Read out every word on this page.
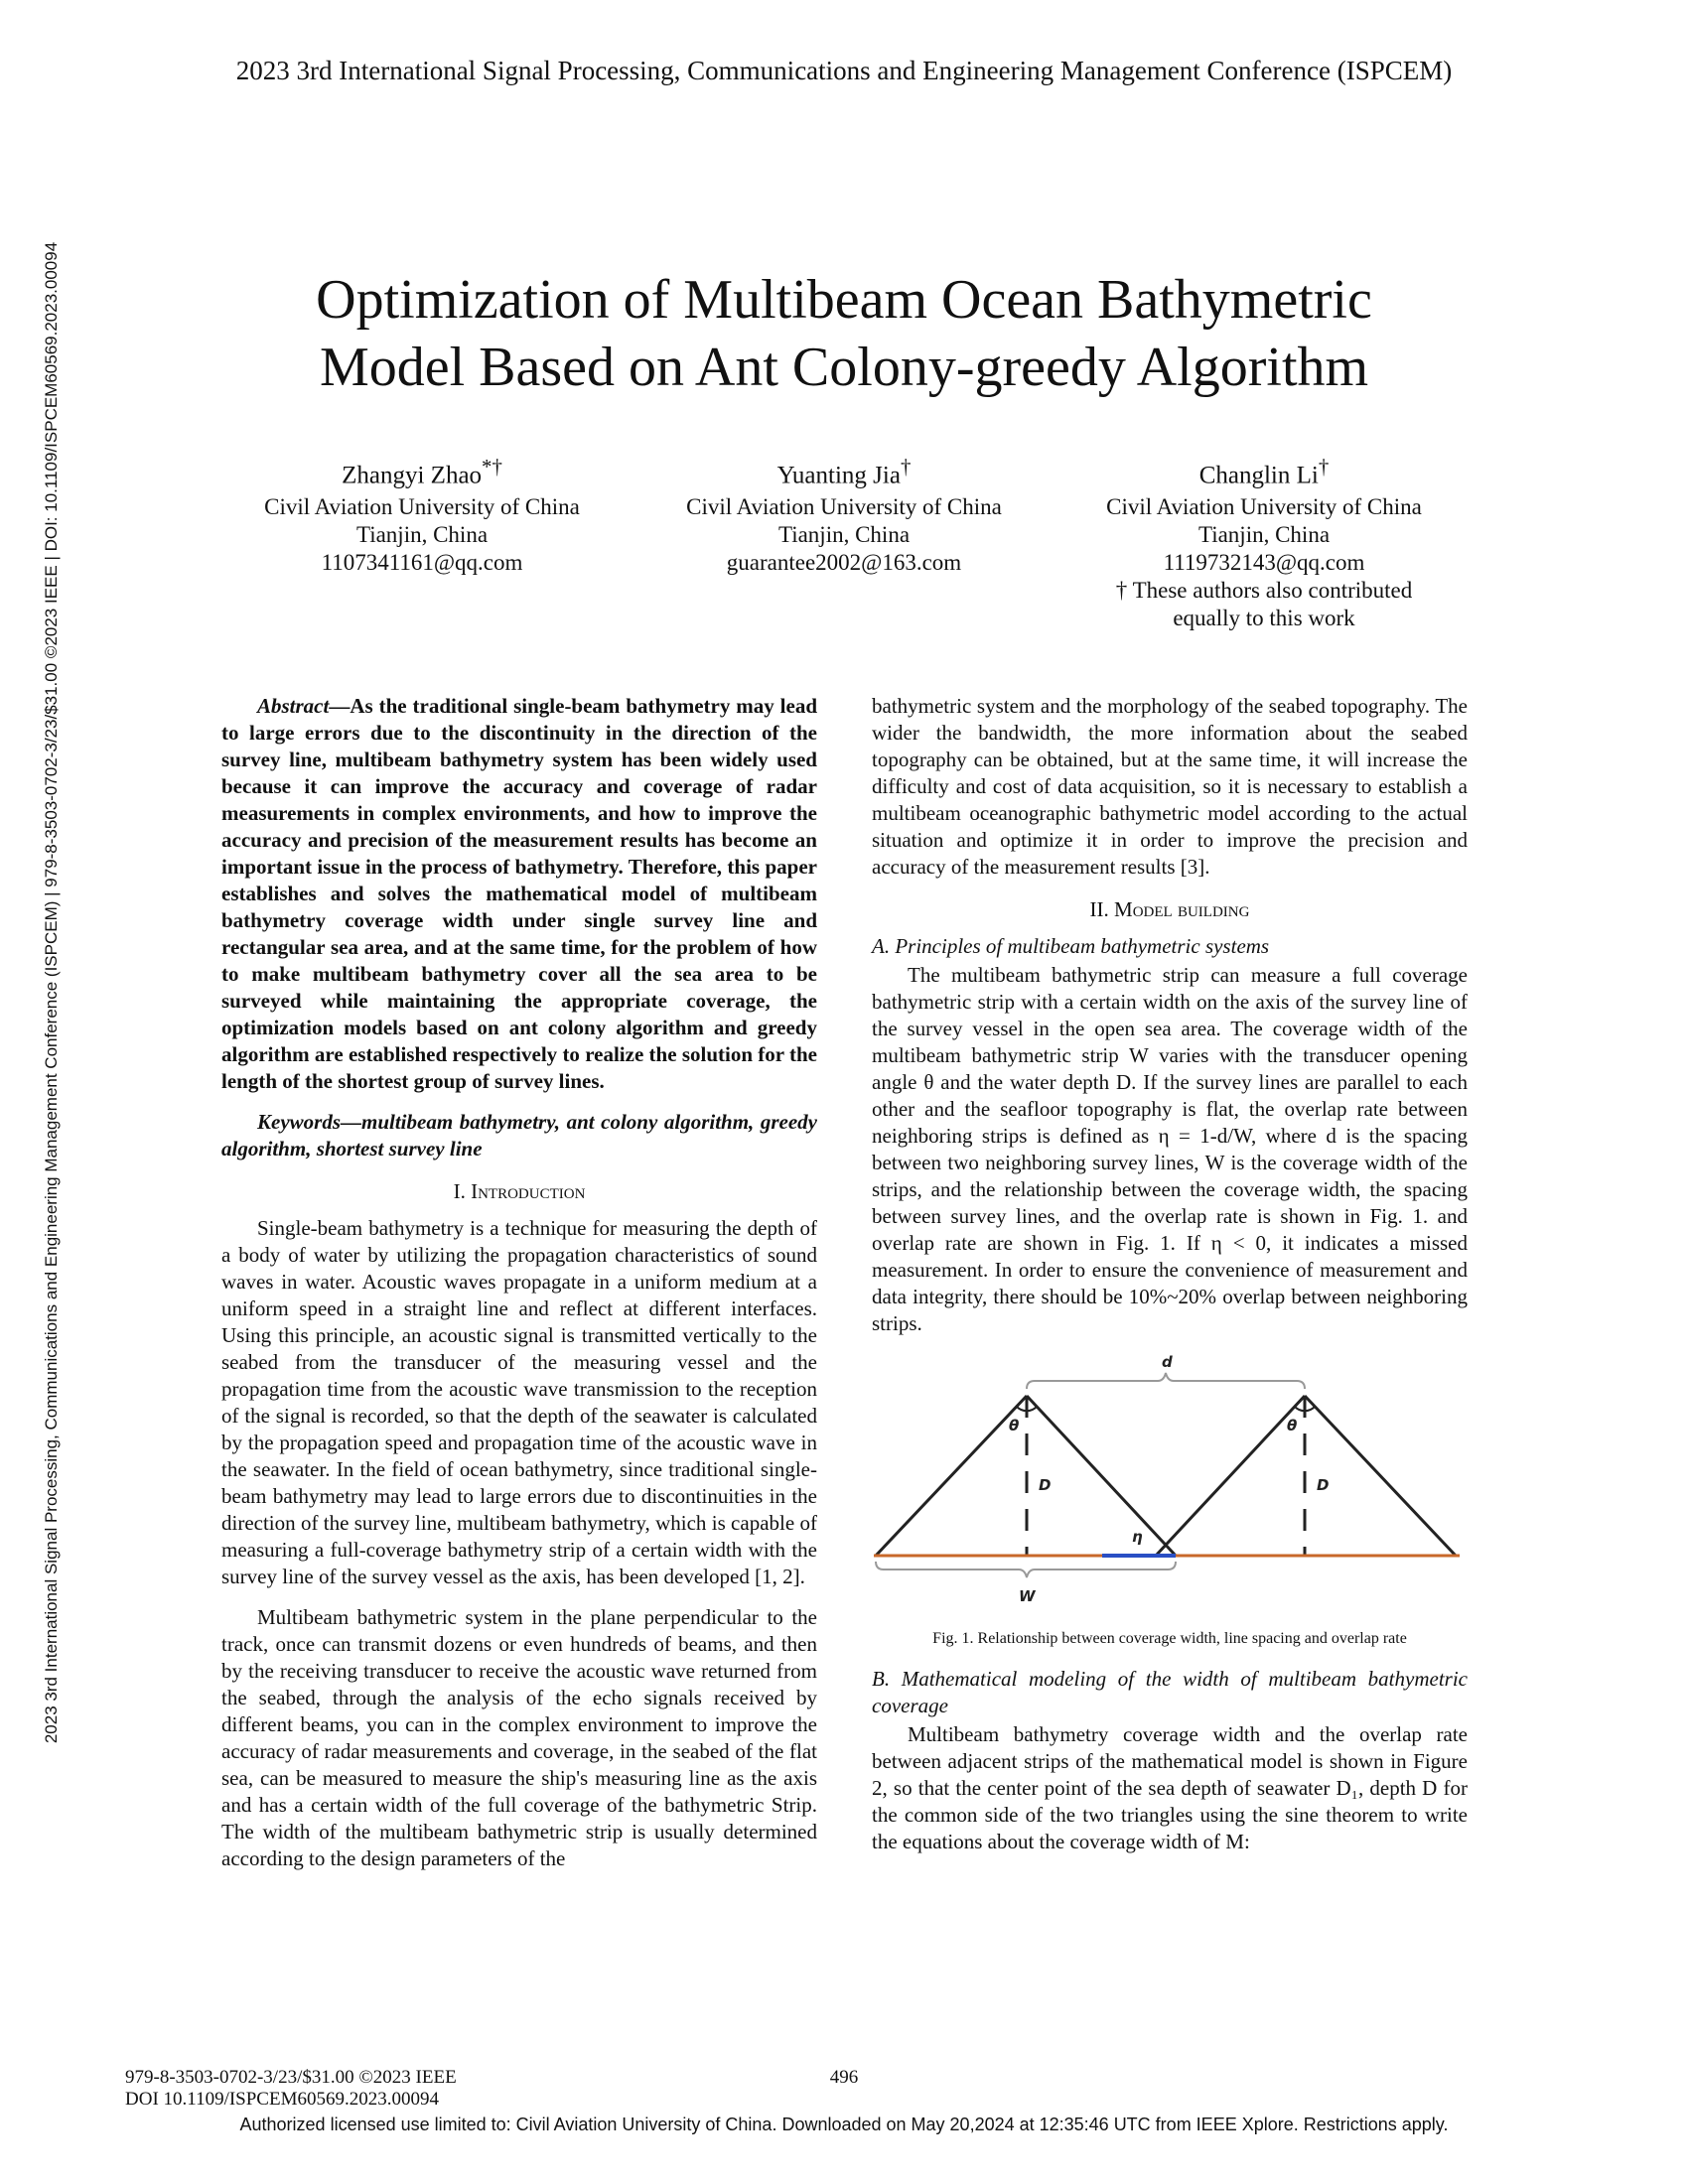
2023 3rd International Signal Processing, Communications and Engineering Management Conference (ISPCEM)
2023 3rd International Signal Processing, Communications and Engineering Management Conference (ISPCEM) | 979-8-3503-0702-3/23/$31.00 ©2023 IEEE | DOI: 10.1109/ISPCEM60569.2023.00094	Optimization of Multibeam Ocean Bathymetric
Model Based on Ant Colony-greedy Algorithm
Zhangyi Zhao*†
Civil Aviation University of China
Tianjin, China
1107341161@qq.com
Yuanting Jia†
Civil Aviation University of China
Tianjin, China
guarantee2002@163.com
Changlin Li†
Civil Aviation University of China
Tianjin, China
1119732143@qq.com
† These authors also contributed
equally to this work

Abstract—As the traditional single-beam bathymetry may lead to large errors due to the discontinuity in the direction of the survey line, multibeam bathymetry system has been widely used because it can improve the accuracy and coverage of radar measurements in complex environments, and how to improve the accuracy and precision of the measurement results has become an important issue in the process of bathymetry. Therefore, this paper establishes and solves the mathematical model of multibeam bathymetry coverage width under single survey line and rectangular sea area, and at the same time, for the problem of how to make multibeam bathymetry cover all the sea area to be surveyed while maintaining the appropriate coverage, the optimization models based on ant colony algorithm and greedy algorithm are established respectively to realize the solution for the length of the shortest group of survey lines.

Keywords—multibeam bathymetry, ant colony algorithm, greedy algorithm, shortest survey line

I. Introduction

Single-beam bathymetry is a technique for measuring the depth of a body of water by utilizing the propagation characteristics of sound waves in water. Acoustic waves propagate in a uniform medium at a uniform speed in a straight line and reflect at different interfaces. Using this principle, an acoustic signal is transmitted vertically to the seabed from the transducer of the measuring vessel and the propagation time from the acoustic wave transmission to the reception of the signal is recorded, so that the depth of the seawater is calculated by the propagation speed and propagation time of the acoustic wave in the seawater. In the field of ocean bathymetry, since traditional single-beam bathymetry may lead to large errors due to discontinuities in the direction of the survey line, multibeam bathymetry, which is capable of measuring a full-coverage bathymetry strip of a certain width with the survey line of the survey vessel as the axis, has been developed [1, 2].

Multibeam bathymetric system in the plane perpendicular to the track, once can transmit dozens or even hundreds of beams, and then by the receiving transducer to receive the acoustic wave returned from the seabed, through the analysis of the echo signals received by different beams, you can in the complex environment to improve the accuracy of radar measurements and coverage, in the seabed of the flat sea, can be measured to measure the ship's measuring line as the axis and has a certain width of the full coverage of the bathymetric Strip. The width of the multibeam bathymetric strip is usually determined according to the design parameters of the

bathymetric system and the morphology of the seabed topography. The wider the bandwidth, the more information about the seabed topography can be obtained, but at the same time, it will increase the difficulty and cost of data acquisition, so it is necessary to establish a multibeam oceanographic bathymetric model according to the actual situation and optimize it in order to improve the precision and accuracy of the measurement results [3].

II. Model building
A. Principles of multibeam bathymetric systems

The multibeam bathymetric strip can measure a full coverage bathymetric strip with a certain width on the axis of the survey line of the survey vessel in the open sea area. The coverage width of the multibeam bathymetric strip W varies with the transducer opening angle θ and the water depth D. If the survey lines are parallel to each other and the seafloor topography is flat, the overlap rate between neighboring strips is defined as η = 1-d/W, where d is the spacing between two neighboring survey lines, W is the coverage width of the strips, and the relationship between the coverage width, the spacing between survey lines, and the overlap rate is shown in Fig. 1. and overlap rate are shown in Fig. 1. If η < 0, it indicates a missed measurement. In order to ensure the convenience of measurement and data integrity, there should be 10%~20% overlap between neighboring strips.

d
θ
D
θ
D
η
W
Fig. 1. Relationship between coverage width, line spacing and overlap rate
B. Mathematical modeling of the width of multibeam bathymetric coverage

Multibeam bathymetry coverage width and the overlap rate between adjacent strips of the mathematical model is shown in Figure 2, so that the center point of the sea depth of seawater D₁, depth D for the common side of the two triangles using the sine theorem to write the equations about the coverage width of M:

979-8-3503-0702-3/23/$31.00 ©2023 IEEE
DOI 10.1109/ISPCEM60569.2023.00094
496
Authorized licensed use limited to: Civil Aviation University of China. Downloaded on May 20,2024 at 12:35:46 UTC from IEEE Xplore. Restrictions apply.
